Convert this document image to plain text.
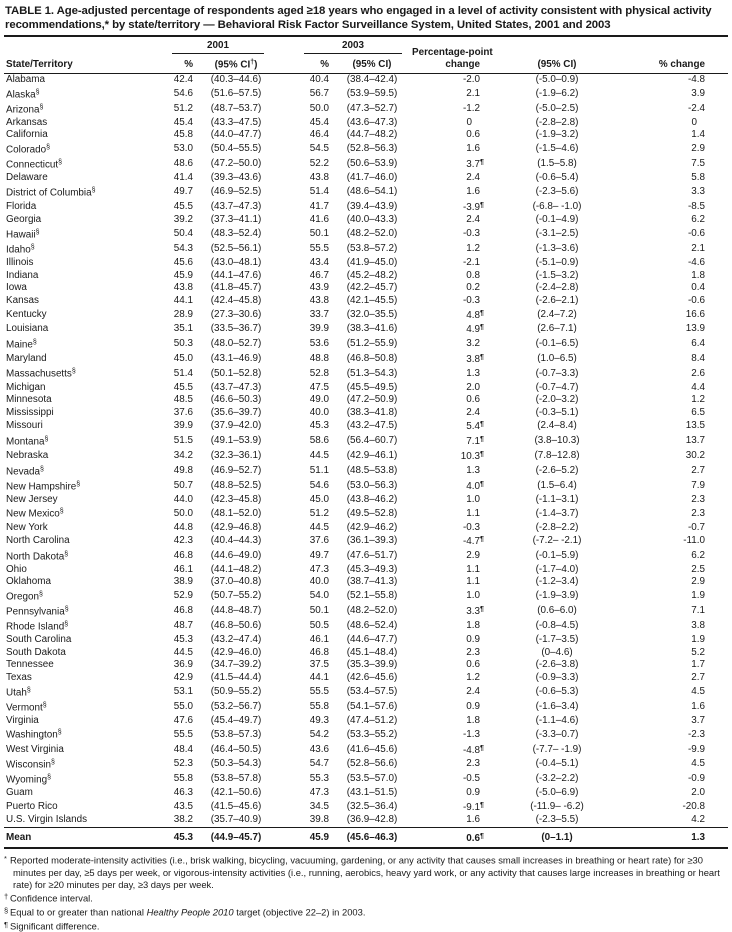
TABLE 1. Age-adjusted percentage of respondents aged ≥18 years who engaged in a level of activity consistent with physical activity recommendations,* by state/territory — Behavioral Risk Factor Surveillance System, United States, 2001 and 2003
State/Territory	2001		2003		Percentage-point
change	(95% CI)	% change
	%	(95% CI†)	%	(95% CI)			
Alabama	42.4	(40.3–44.6)	40.4	(38.4–42.4)	-2.0	(-5.0–0.9)	-4.8
Alaska§	54.6	(51.6–57.5)	56.7	(53.9–59.5)	2.1	(-1.9–6.2)	3.9
Arizona§	51.2	(48.7–53.7)	50.0	(47.3–52.7)	-1.2	(-5.0–2.5)	-2.4
Arkansas	45.4	(43.3–47.5)	45.4	(43.6–47.3)	0	(-2.8–2.8)	0
California	45.8	(44.0–47.7)	46.4	(44.7–48.2)	0.6	(-1.9–3.2)	1.4
Colorado§	53.0	(50.4–55.5)	54.5	(52.8–56.3)	1.6	(-1.5–4.6)	2.9
Connecticut§	48.6	(47.2–50.0)	52.2	(50.6–53.9)	3.7¶	(1.5–5.8)	7.5
Delaware	41.4	(39.3–43.6)	43.8	(41.7–46.0)	2.4	(-0.6–5.4)	5.8
District of Columbia§	49.7	(46.9–52.5)	51.4	(48.6–54.1)	1.6	(-2.3–5.6)	3.3
Florida	45.5	(43.7–47.3)	41.7	(39.4–43.9)	-3.9¶	(-6.8– -1.0)	-8.5
Georgia	39.2	(37.3–41.1)	41.6	(40.0–43.3)	2.4	(-0.1–4.9)	6.2
Hawaii§	50.4	(48.3–52.4)	50.1	(48.2–52.0)	-0.3	(-3.1–2.5)	-0.6
Idaho§	54.3	(52.5–56.1)	55.5	(53.8–57.2)	1.2	(-1.3–3.6)	2.1
Illinois	45.6	(43.0–48.1)	43.4	(41.9–45.0)	-2.1	(-5.1–0.9)	-4.6
Indiana	45.9	(44.1–47.6)	46.7	(45.2–48.2)	0.8	(-1.5–3.2)	1.8
Iowa	43.8	(41.8–45.7)	43.9	(42.2–45.7)	0.2	(-2.4–2.8)	0.4
Kansas	44.1	(42.4–45.8)	43.8	(42.1–45.5)	-0.3	(-2.6–2.1)	-0.6
Kentucky	28.9	(27.3–30.6)	33.7	(32.0–35.5)	4.8¶	(2.4–7.2)	16.6
Louisiana	35.1	(33.5–36.7)	39.9	(38.3–41.6)	4.9¶	(2.6–7.1)	13.9
Maine§	50.3	(48.0–52.7)	53.6	(51.2–55.9)	3.2	(-0.1–6.5)	6.4
Maryland	45.0	(43.1–46.9)	48.8	(46.8–50.8)	3.8¶	(1.0–6.5)	8.4
Massachusetts§	51.4	(50.1–52.8)	52.8	(51.3–54.3)	1.3	(-0.7–3.3)	2.6
Michigan	45.5	(43.7–47.3)	47.5	(45.5–49.5)	2.0	(-0.7–4.7)	4.4
Minnesota	48.5	(46.6–50.3)	49.0	(47.2–50.9)	0.6	(-2.0–3.2)	1.2
Mississippi	37.6	(35.6–39.7)	40.0	(38.3–41.8)	2.4	(-0.3–5.1)	6.5
Missouri	39.9	(37.9–42.0)	45.3	(43.2–47.5)	5.4¶	(2.4–8.4)	13.5
Montana§	51.5	(49.1–53.9)	58.6	(56.4–60.7)	7.1¶	(3.8–10.3)	13.7
Nebraska	34.2	(32.3–36.1)	44.5	(42.9–46.1)	10.3¶	(7.8–12.8)	30.2
Nevada§	49.8	(46.9–52.7)	51.1	(48.5–53.8)	1.3	(-2.6–5.2)	2.7
New Hampshire§	50.7	(48.8–52.5)	54.6	(53.0–56.3)	4.0¶	(1.5–6.4)	7.9
New Jersey	44.0	(42.3–45.8)	45.0	(43.8–46.2)	1.0	(-1.1–3.1)	2.3
New Mexico§	50.0	(48.1–52.0)	51.2	(49.5–52.8)	1.1	(-1.4–3.7)	2.3
New York	44.8	(42.9–46.8)	44.5	(42.9–46.2)	-0.3	(-2.8–2.2)	-0.7
North Carolina	42.3	(40.4–44.3)	37.6	(36.1–39.3)	-4.7¶	(-7.2– -2.1)	-11.0
North Dakota§	46.8	(44.6–49.0)	49.7	(47.6–51.7)	2.9	(-0.1–5.9)	6.2
Ohio	46.1	(44.1–48.2)	47.3	(45.3–49.3)	1.1	(-1.7–4.0)	2.5
Oklahoma	38.9	(37.0–40.8)	40.0	(38.7–41.3)	1.1	(-1.2–3.4)	2.9
Oregon§	52.9	(50.7–55.2)	54.0	(52.1–55.8)	1.0	(-1.9–3.9)	1.9
Pennsylvania§	46.8	(44.8–48.7)	50.1	(48.2–52.0)	3.3¶	(0.6–6.0)	7.1
Rhode Island§	48.7	(46.8–50.6)	50.5	(48.6–52.4)	1.8	(-0.8–4.5)	3.8
South Carolina	45.3	(43.2–47.4)	46.1	(44.6–47.7)	0.9	(-1.7–3.5)	1.9
South Dakota	44.5	(42.9–46.0)	46.8	(45.1–48.4)	2.3	(0–4.6)	5.2
Tennessee	36.9	(34.7–39.2)	37.5	(35.3–39.9)	0.6	(-2.6–3.8)	1.7
Texas	42.9	(41.5–44.4)	44.1	(42.6–45.6)	1.2	(-0.9–3.3)	2.7
Utah§	53.1	(50.9–55.2)	55.5	(53.4–57.5)	2.4	(-0.6–5.3)	4.5
Vermont§	55.0	(53.2–56.7)	55.8	(54.1–57.6)	0.9	(-1.6–3.4)	1.6
Virginia	47.6	(45.4–49.7)	49.3	(47.4–51.2)	1.8	(-1.1–4.6)	3.7
Washington§	55.5	(53.8–57.3)	54.2	(53.3–55.2)	-1.3	(-3.3–0.7)	-2.3
West Virginia	48.4	(46.4–50.5)	43.6	(41.6–45.6)	-4.8¶	(-7.7– -1.9)	-9.9
Wisconsin§	52.3	(50.3–54.3)	54.7	(52.8–56.6)	2.3	(-0.4–5.1)	4.5
Wyoming§	55.8	(53.8–57.8)	55.3	(53.5–57.0)	-0.5	(-3.2–2.2)	-0.9
Guam	46.3	(42.1–50.6)	47.3	(43.1–51.5)	0.9	(-5.0–6.9)	2.0
Puerto Rico	43.5	(41.5–45.6)	34.5	(32.5–36.4)	-9.1¶	(-11.9– -6.2)	-20.8
U.S. Virgin Islands	38.2	(35.7–40.9)	39.8	(36.9–42.8)	1.6	(-2.3–5.5)	4.2
Mean	45.3	(44.9–45.7)	45.9	(45.6–46.3)	0.6¶	(0–1.1)	1.3
* Reported moderate-intensity activities (i.e., brisk walking, bicycling, vacuuming, gardening, or any activity that causes small increases in breathing or heart rate) for ≥30 minutes per day, ≥5 days per week, or vigorous-intensity activities (i.e., running, aerobics, heavy yard work, or any activity that causes large increases in breathing or heart rate) for ≥20 minutes per day, ≥3 days per week.
† Confidence interval.
§ Equal to or greater than national Healthy People 2010 target (objective 22–2) in 2003.
¶ Significant difference.
